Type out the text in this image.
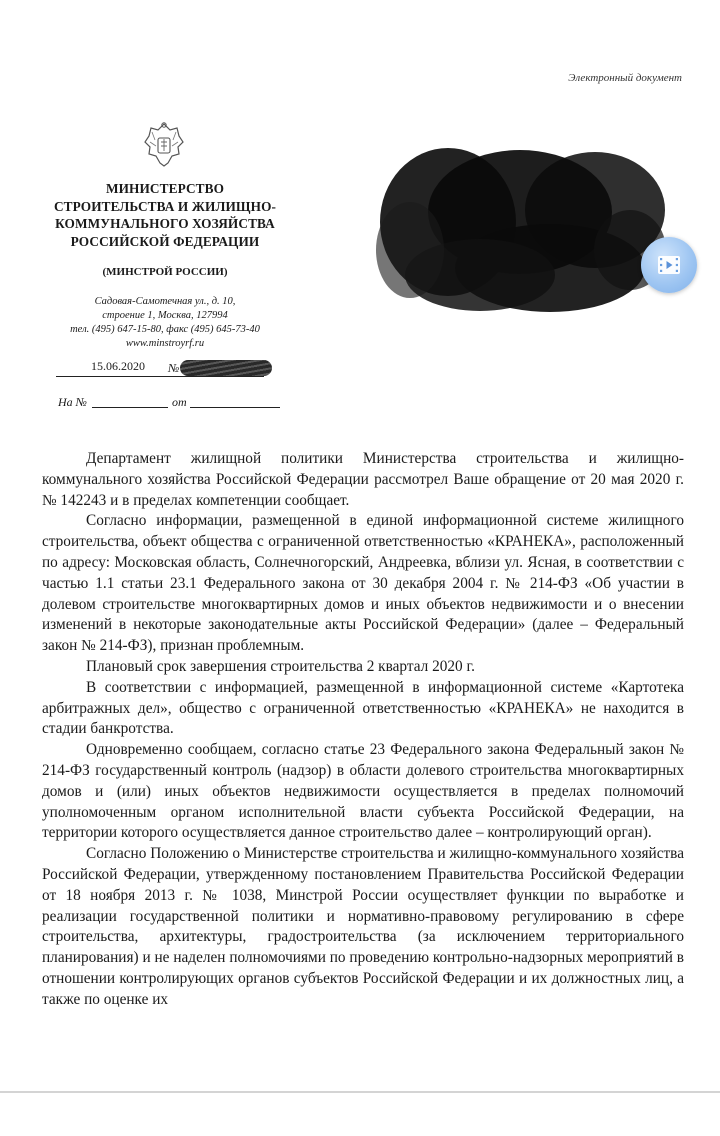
Электронный документ
МИНИСТЕРСТВО
СТРОИТЕЛЬСТВА И ЖИЛИЩНО-
КОММУНАЛЬНОГО ХОЗЯЙСТВА
РОССИЙСКОЙ ФЕДЕРАЦИИ
(МИНСТРОЙ РОССИИ)
Садовая-Самотечная ул., д. 10,
строение 1, Москва, 127994
тел. (495) 647-15-80, факс (495) 645-73-40
www.minstroyrf.ru
15.06.2020	№
На №	от

Департамент жилищной политики Министерства строительства и жилищно-коммунального хозяйства Российской Федерации рассмотрел Ваше обращение от 20 мая 2020 г. № 142243 и в пределах компетенции сообщает.

Согласно информации, размещенной в единой информационной системе жилищного строительства, объект общества с ограниченной ответственностью «КРАНЕКА», расположенный по адресу: Московская область, Солнечногорский, Андреевка, вблизи ул. Ясная, в соответствии с частью 1.1 статьи 23.1 Федерального закона от 30 декабря 2004 г. № 214-ФЗ «Об участии в долевом строительстве многоквартирных домов и иных объектов недвижимости и о внесении изменений в некоторые законодательные акты Российской Федерации» (далее – Федеральный закон № 214-ФЗ), признан проблемным.

Плановый срок завершения строительства 2 квартал 2020 г.

В соответствии с информацией, размещенной в информационной системе «Картотека арбитражных дел», общество с ограниченной ответственностью «КРАНЕКА» не находится в стадии банкротства.

Одновременно сообщаем, согласно статье 23 Федерального закона Федеральный закон № 214-ФЗ государственный контроль (надзор) в области долевого строительства многоквартирных домов и (или) иных объектов недвижимости осуществляется в пределах полномочий уполномоченным органом исполнительной власти субъекта Российской Федерации, на территории которого осуществляется данное строительство далее – контролирующий орган).

Согласно Положению о Министерстве строительства и жилищно-коммунального хозяйства Российской Федерации, утвержденному постановлением Правительства Российской Федерации от 18 ноября 2013 г. № 1038, Минстрой России осуществляет функции по выработке и реализации государственной политики и нормативно-правовому регулированию в сфере строительства, архитектуры, градостроительства (за исключением территориального планирования) и не наделен полномочиями по проведению контрольно-надзорных мероприятий в отношении контролирующих органов субъектов Российской Федерации и их должностных лиц, а также по оценке их
